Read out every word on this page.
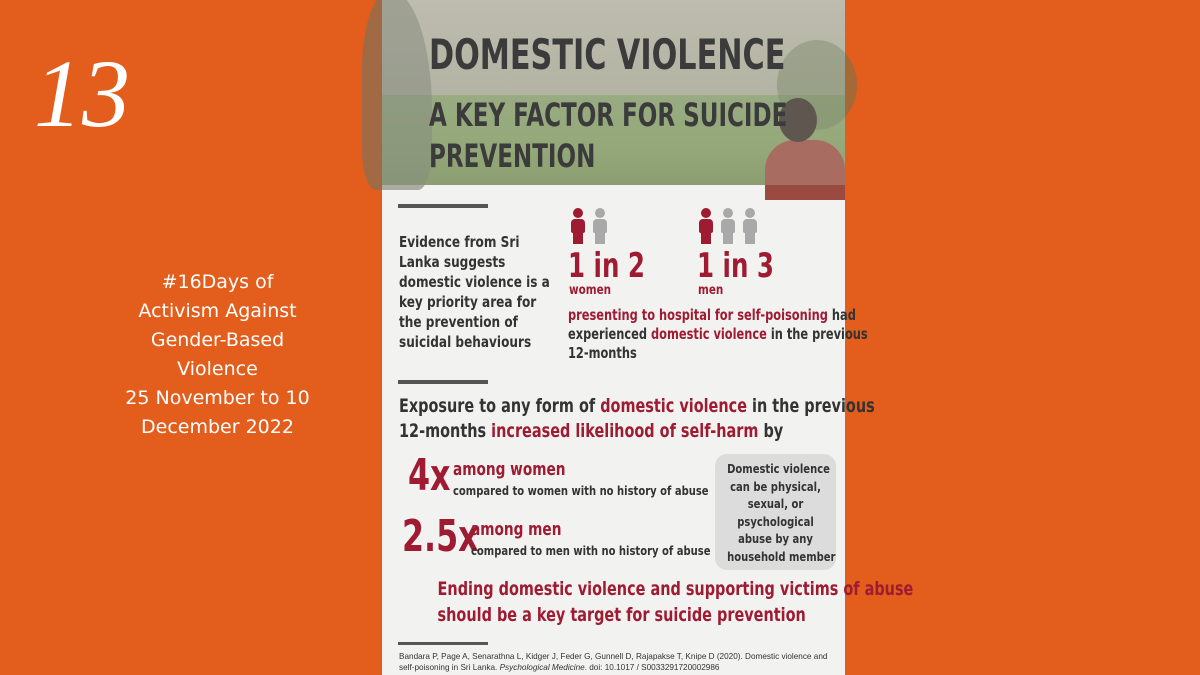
13
#16Days of
Activism Against
Gender-Based
Violence
25 November to 10
December 2022
DOMESTIC VIOLENCE
A KEY FACTOR FOR SUICIDE
PREVENTION
Evidence from Sri
Lanka suggests
domestic violence is a
key priority area for
the prevention of
suicidal behaviours
1 in 2
women
1 in 3
men
presenting to hospital for self-poisoning had
experienced domestic violence in the previous
12-months
Exposure to any form of domestic violence in the previous
12-months increased likelihood of self-harm by
4x among women
compared to women with no history of abuse
2.5x
among men
compared to men with no history of abuse
Domestic violence
can be physical,
sexual, or
psychological
abuse by any
household member
Ending domestic violence and supporting victims of abuse
should be a key target for suicide prevention
Bandara P, Page A, Senarathna L, Kidger J, Feder G, Gunnell D, Rajapakse T, Knipe D (2020). Domestic violence and self-poisoning in Sri Lanka. Psychological Medicine. doi: 10.1017 / S0033291720002986
